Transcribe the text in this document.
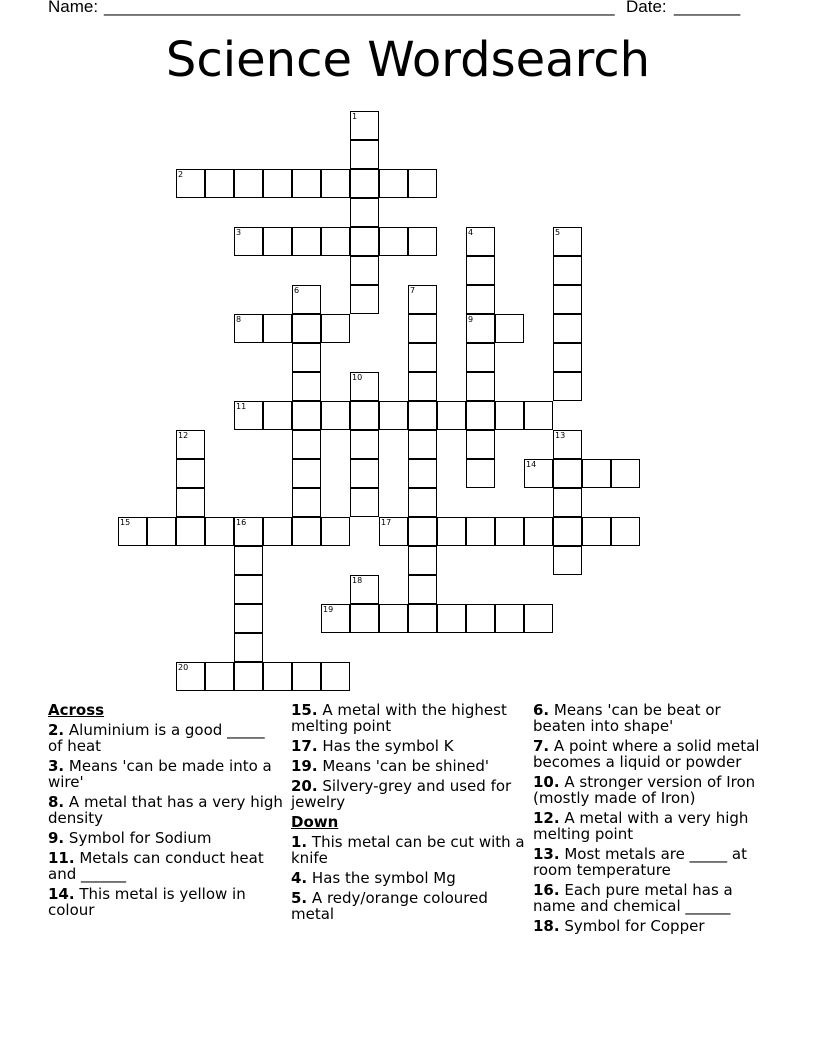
Name: ______________________________________________________ Date: _______
Science Wordsearch
2
3
8	9
11
14
15	16	17
19
20
1
4	5
6	7
10
12	13
18
Across
2. Aluminium is a good _____ of heat
3. Means 'can be made into a wire'
8. A metal that has a very high density
9. Symbol for Sodium
11. Metals can conduct heat and ______
14. This metal is yellow in colour
15. A metal with the highest melting point
17. Has the symbol K
19. Means 'can be shined'
20. Silvery-grey and used for jewelry
Down
1. This metal can be cut with a knife
4. Has the symbol Mg
5. A redy/orange coloured metal
6. Means 'can be beat or beaten into shape'
7. A point where a solid metal becomes a liquid or powder
10. A stronger version of Iron (mostly made of Iron)
12. A metal with a very high melting point
13. Most metals are _____ at room temperature
16. Each pure metal has a name and chemical ______
18. Symbol for Copper
